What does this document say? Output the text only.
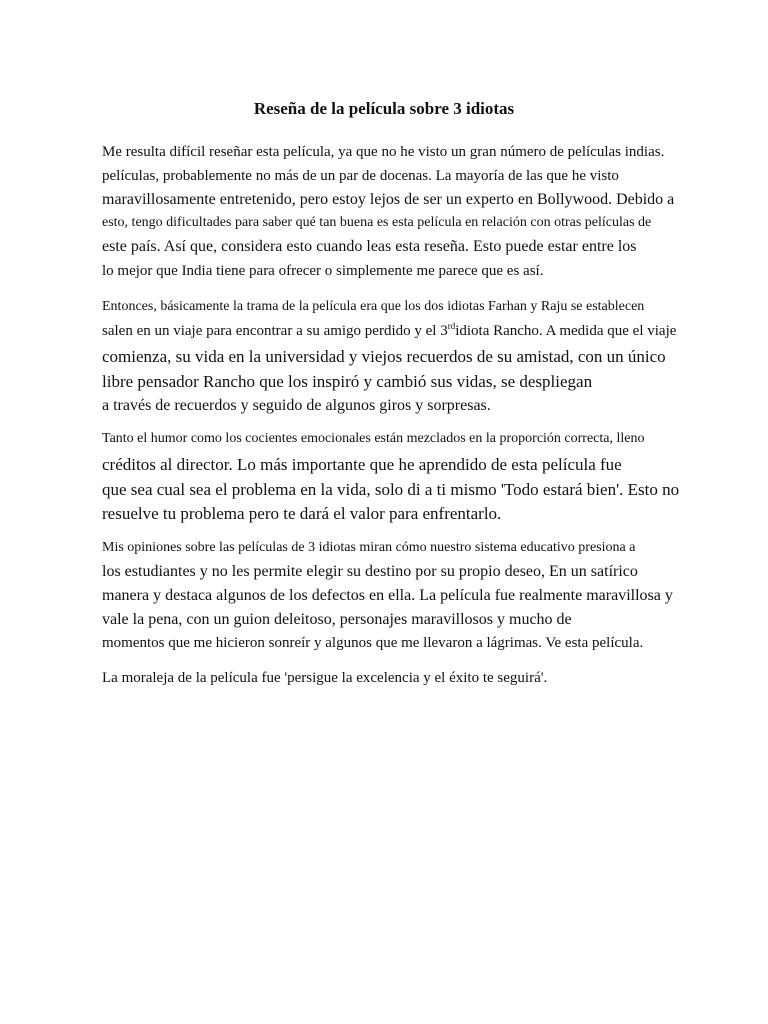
Reseña de la película sobre 3 idiotas
Me resulta difícil reseñar esta película, ya que no he visto un gran número de películas indias.
películas, probablemente no más de un par de docenas. La mayoría de las que he visto
maravillosamente entretenido, pero estoy lejos de ser un experto en Bollywood. Debido a
esto, tengo dificultades para saber qué tan buena es esta película en relación con otras películas de
este país. Así que, considera esto cuando leas esta reseña. Esto puede estar entre los
lo mejor que India tiene para ofrecer o simplemente me parece que es así.
Entonces, básicamente la trama de la película era que los dos idiotas Farhan y Raju se establecen
salen en un viaje para encontrar a su amigo perdido y el 3rdidiota Rancho. A medida que el viaje
comienza, su vida en la universidad y viejos recuerdos de su amistad, con un único
libre pensador Rancho que los inspiró y cambió sus vidas, se despliegan
a través de recuerdos y seguido de algunos giros y sorpresas.
Tanto el humor como los cocientes emocionales están mezclados en la proporción correcta, lleno
créditos al director. Lo más importante que he aprendido de esta película fue
que sea cual sea el problema en la vida, solo di a ti mismo 'Todo estará bien'. Esto no
resuelve tu problema pero te dará el valor para enfrentarlo.
Mis opiniones sobre las películas de 3 idiotas miran cómo nuestro sistema educativo presiona a
los estudiantes y no les permite elegir su destino por su propio deseo, En un satírico
manera y destaca algunos de los defectos en ella. La película fue realmente maravillosa y
vale la pena, con un guion deleitoso, personajes maravillosos y mucho de
momentos que me hicieron sonreír y algunos que me llevaron a lágrimas. Ve esta película.
La moraleja de la película fue 'persigue la excelencia y el éxito te seguirá'.
